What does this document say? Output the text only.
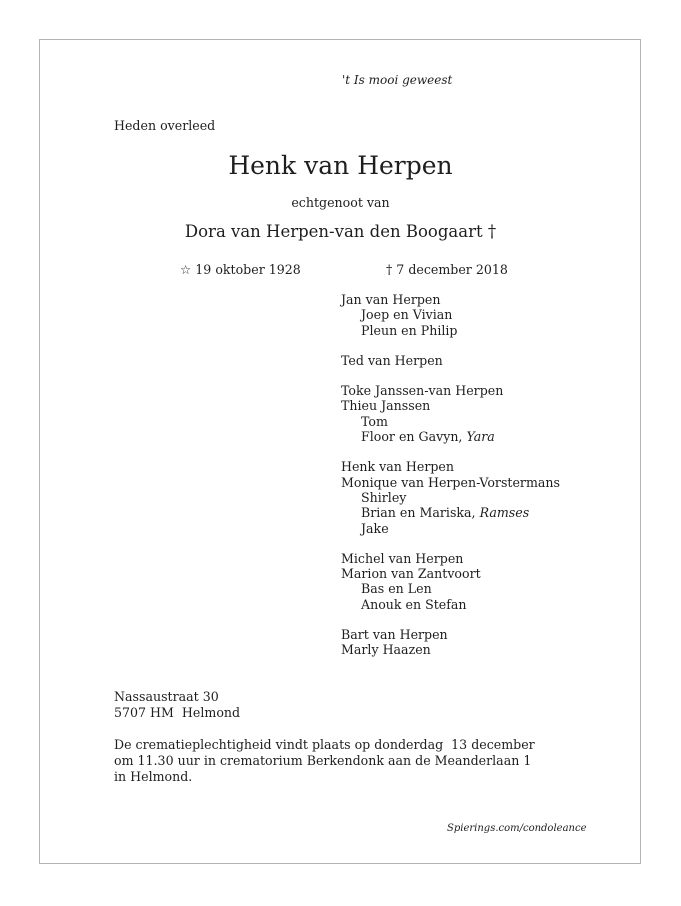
't Is mooi geweest
Heden overleed
Henk van Herpen
echtgenoot van
Dora van Herpen-van den Boogaart †
☆ 19 oktober 1928	† 7 december 2018
Jan van Herpen
Joep en Vivian
Pleun en Philip
Ted van Herpen
Toke Janssen-van Herpen
Thieu Janssen
Tom
Floor en Gavyn, Yara
Henk van Herpen
Monique van Herpen-Vorstermans
Shirley
Brian en Mariska, Ramses
Jake
Michel van Herpen
Marion van Zantvoort
Bas en Len
Anouk en Stefan
Bart van Herpen
Marly Haazen
Nassaustraat 30
5707 HM  Helmond
De crematieplechtigheid vindt plaats op donderdag  13 december
om 11.30 uur in crematorium Berkendonk aan de Meanderlaan 1
in Helmond.
Spierings.com/condoleance
